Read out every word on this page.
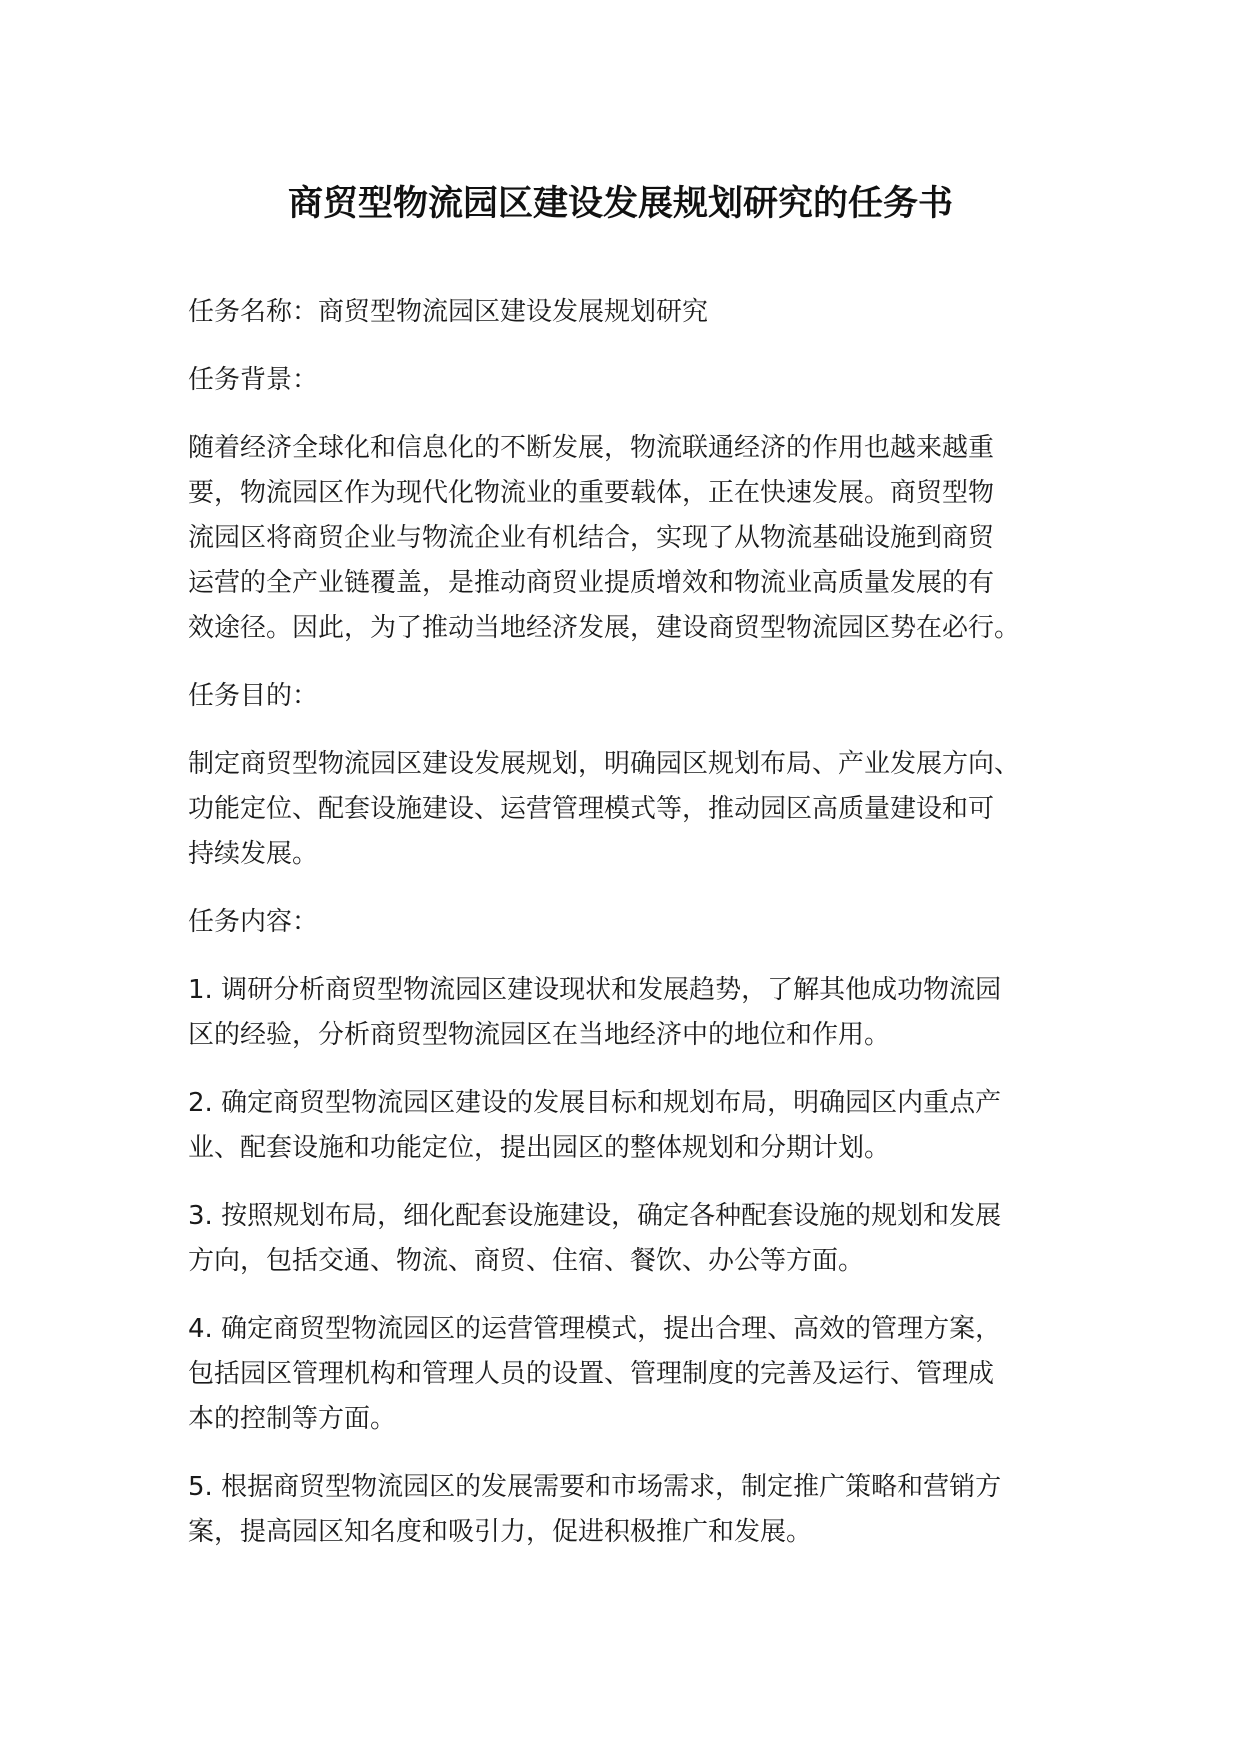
商贸型物流园区建设发展规划研究的任务书

任务名称：商贸型物流园区建设发展规划研究

任务背景：

随着经济全球化和信息化的不断发展，物流联通经济的作用也越来越重
要，物流园区作为现代化物流业的重要载体，正在快速发展。商贸型物
流园区将商贸企业与物流企业有机结合，实现了从物流基础设施到商贸
运营的全产业链覆盖，是推动商贸业提质增效和物流业高质量发展的有
效途径。因此，为了推动当地经济发展，建设商贸型物流园区势在必行。

任务目的：

制定商贸型物流园区建设发展规划，明确园区规划布局、产业发展方向、
功能定位、配套设施建设、运营管理模式等，推动园区高质量建设和可
持续发展。

任务内容：

1. 调研分析商贸型物流园区建设现状和发展趋势，了解其他成功物流园
区的经验，分析商贸型物流园区在当地经济中的地位和作用。
2. 确定商贸型物流园区建设的发展目标和规划布局，明确园区内重点产
业、配套设施和功能定位，提出园区的整体规划和分期计划。
3. 按照规划布局，细化配套设施建设，确定各种配套设施的规划和发展
方向，包括交通、物流、商贸、住宿、餐饮、办公等方面。
4. 确定商贸型物流园区的运营管理模式，提出合理、高效的管理方案，
包括园区管理机构和管理人员的设置、管理制度的完善及运行、管理成
本的控制等方面。
5. 根据商贸型物流园区的发展需要和市场需求，制定推广策略和营销方
案，提高园区知名度和吸引力，促进积极推广和发展。
